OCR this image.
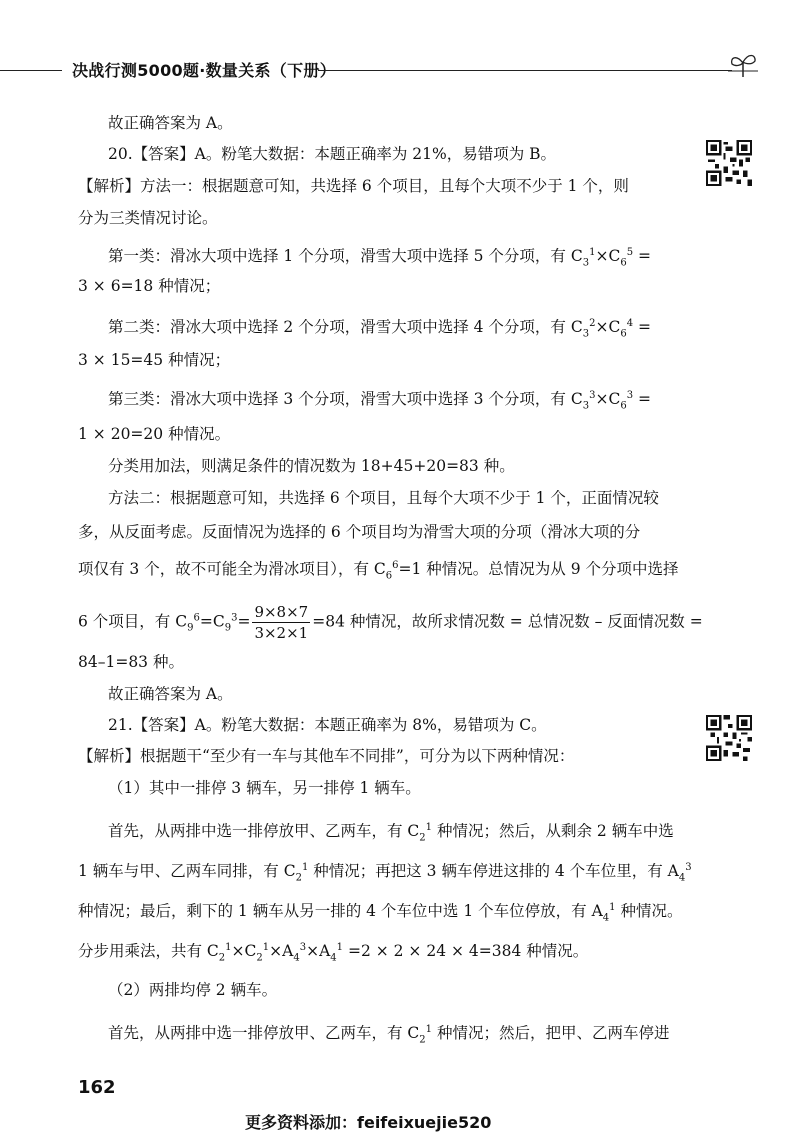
决战行测5000题·数量关系（下册）
故正确答案为 A。
20.【答案】A。粉笔大数据：本题正确率为 21%，易错项为 B。
【解析】方法一：根据题意可知，共选择 6 个项目，且每个大项不少于 1 个，则
分为三类情况讨论。
第一类：滑冰大项中选择 1 个分项，滑雪大项中选择 5 个分项，有 $C_3^1\times C_6^5$ =
3 × 6=18 种情况；
第二类：滑冰大项中选择 2 个分项，滑雪大项中选择 4 个分项，有 $C_3^2\times C_6^4$ =
3 × 15=45 种情况；
第三类：滑冰大项中选择 3 个分项，滑雪大项中选择 3 个分项，有 $C_3^3\times C_6^3$ =
1 × 20=20 种情况。
分类用加法，则满足条件的情况数为 18+45+20=83 种。
方法二：根据题意可知，共选择 6 个项目，且每个大项不少于 1 个，正面情况较
多，从反面考虑。反面情况为选择的 6 个项目均为滑雪大项的分项（滑冰大项的分
项仅有 3 个，故不可能全为滑冰项目），有 $C_6^6=1$ 种情况。总情况为从 9 个分项中选择
6 个项目，有 $C_9^6=C_9^3= \frac{9\times 8\times 7}{3\times 2\times 1} =84$ 种情况，故所求情况数 = 总情况数 – 反面情况数 =
84–1=83 种。
故正确答案为 A。
21.【答案】A。粉笔大数据：本题正确率为 8%，易错项为 C。
【解析】根据题干“至少有一车与其他车不同排”，可分为以下两种情况：
（1）其中一排停 3 辆车，另一排停 1 辆车。
首先，从两排中选一排停放甲、乙两车，有 $C_2^1$ 种情况；然后，从剩余 2 辆车中选
1 辆车与甲、乙两车同排，有 $C_2^1$ 种情况；再把这 3 辆车停进这排的 4 个车位里，有 $A_4^3$
种情况；最后，剩下的 1 辆车从另一排的 4 个车位中选 1 个车位停放，有 $A_4^1$ 种情况。
分步用乘法，共有 $C_2^1\times C_2^1\times A_4^3\times A_4^1 =2 \times 2 \times 24 \times 4=384$ 种情况。
（2）两排均停 2 辆车。
首先，从两排中选一排停放甲、乙两车，有 $C_2^1$ 种情况；然后，把甲、乙两车停进
162
更多资料添加：feifeixuejie520
